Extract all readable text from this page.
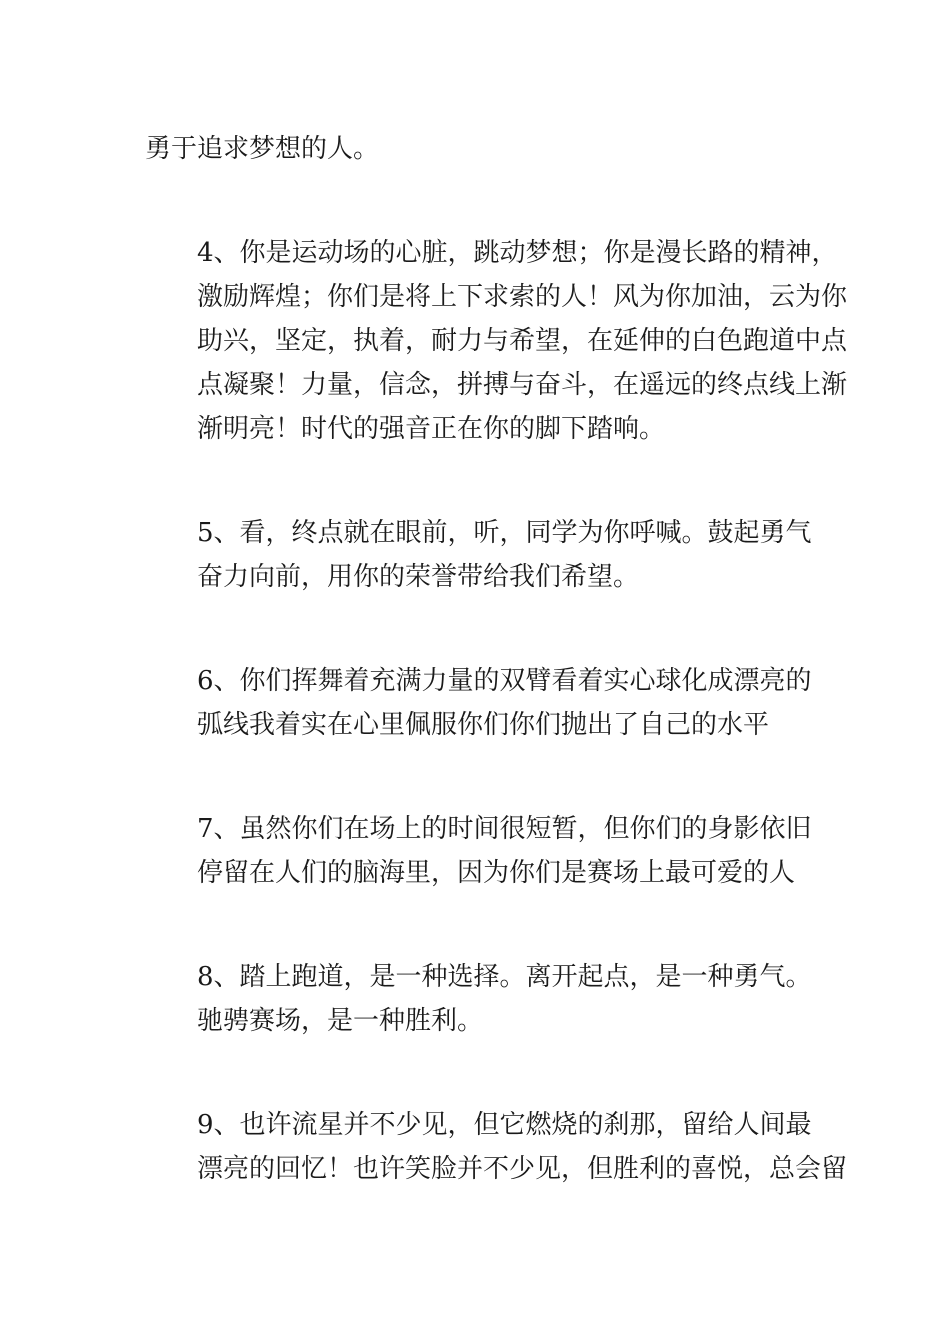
勇于追求梦想的人。

4、你是运动场的心脏，跳动梦想；你是漫长路的精神，
激励辉煌；你们是将上下求索的人！风为你加油，云为你
助兴，坚定，执着，耐力与希望，在延伸的白色跑道中点
点凝聚！力量，信念，拼搏与奋斗，在遥远的终点线上渐
渐明亮！时代的强音正在你的脚下踏响。

5、看，终点就在眼前，听，同学为你呼喊。鼓起勇气
奋力向前，用你的荣誉带给我们希望。

6、你们挥舞着充满力量的双臂看着实心球化成漂亮的
弧线我着实在心里佩服你们你们抛出了自己的水平

7、虽然你们在场上的时间很短暂，但你们的身影依旧
停留在人们的脑海里，因为你们是赛场上最可爱的人

8、踏上跑道，是一种选择。离开起点，是一种勇气。
驰骋赛场，是一种胜利。

9、也许流星并不少见，但它燃烧的刹那，留给人间最
漂亮的回忆！也许笑脸并不少见，但胜利的喜悦，总会留
